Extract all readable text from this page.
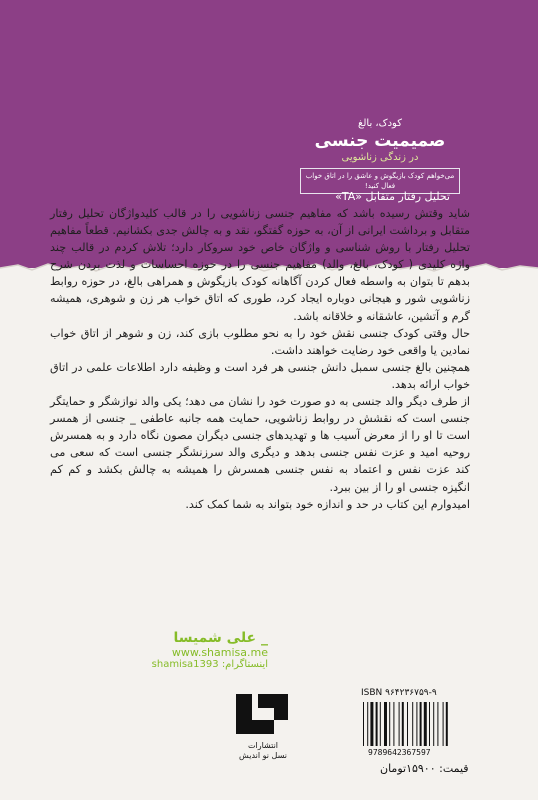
کودک، بالغ
صمیمیت جنسی
در زندگی زناشویی
می‌خواهم کودک بازیگوش و عاشق را در اتاق خواب فعال کنید!
تحلیل رفتار متقابل «TA»

شاید وقتش رسیده باشد که مفاهیم جنسی زناشویی را در قالب کلیدواژگان تحلیل رفتار متقابل و برداشت ایرانی از آن، به حوزه گفتگو، نقد و به چالش جدی بکشانیم. قطعاً مفاهیم تحلیل رفتار با روش شناسی و واژگان خاص خود سروکار دارد؛ تلاش کردم در قالب چند واژه کلیدی ( کودک، بالغ، والد) مفاهیم جنسی را در حوزه احساسات و لذت بردن شرح بدهم تا بتوان به واسطه فعال کردن آگاهانه کودک بازیگوش و همراهی بالغ، در حوزه روابط زناشویی شور و هیجانی دوباره ایجاد کرد، طوری که اتاق خواب هر زن و شوهری، همیشه گرم و آتشین، عاشقانه و خلاقانه باشد.

حال وقتی کودک جنسی نقش خود را به نحو مطلوب بازی کند، زن و شوهر از اتاق خواب نمادین یا واقعی خود رضایت خواهند داشت.

همچنین بالغ جنسی سمبل دانش جنسی هر فرد است و وظیفه دارد اطلاعات علمی در اتاق خواب ارائه بدهد.

از طرف دیگر والد جنسی به دو صورت خود را نشان می دهد؛ یکی والد نوازشگر و حمایتگر جنسی است که نقشش در روابط زناشویی، حمایت همه جانبه عاطفی _ جنسی از همسر است تا او را از معرض آسیب ها و تهدیدهای جنسی دیگران مصون نگاه دارد و به همسرش روحیه امید و عزت نفس جنسی بدهد و دیگری والد سرزنشگر جنسی است که سعی می کند عزت نفس و اعتماد به نفس جنسی همسرش را همیشه به چالش بکشد و کم کم انگیزه جنسی او را از بین ببرد.

امیدوارم این کتاب در حد و اندازه خود بتواند به شما کمک کند.

_ علی شمیسا
www.shamisa.me
اینستاگرام: shamisa1393
انتشارات
نسل نو اندیش
ISBN ۹۶۴۲۳۶۷۵۹-۹
9789642367597
قیمت: ۱۵۹۰۰تومان
